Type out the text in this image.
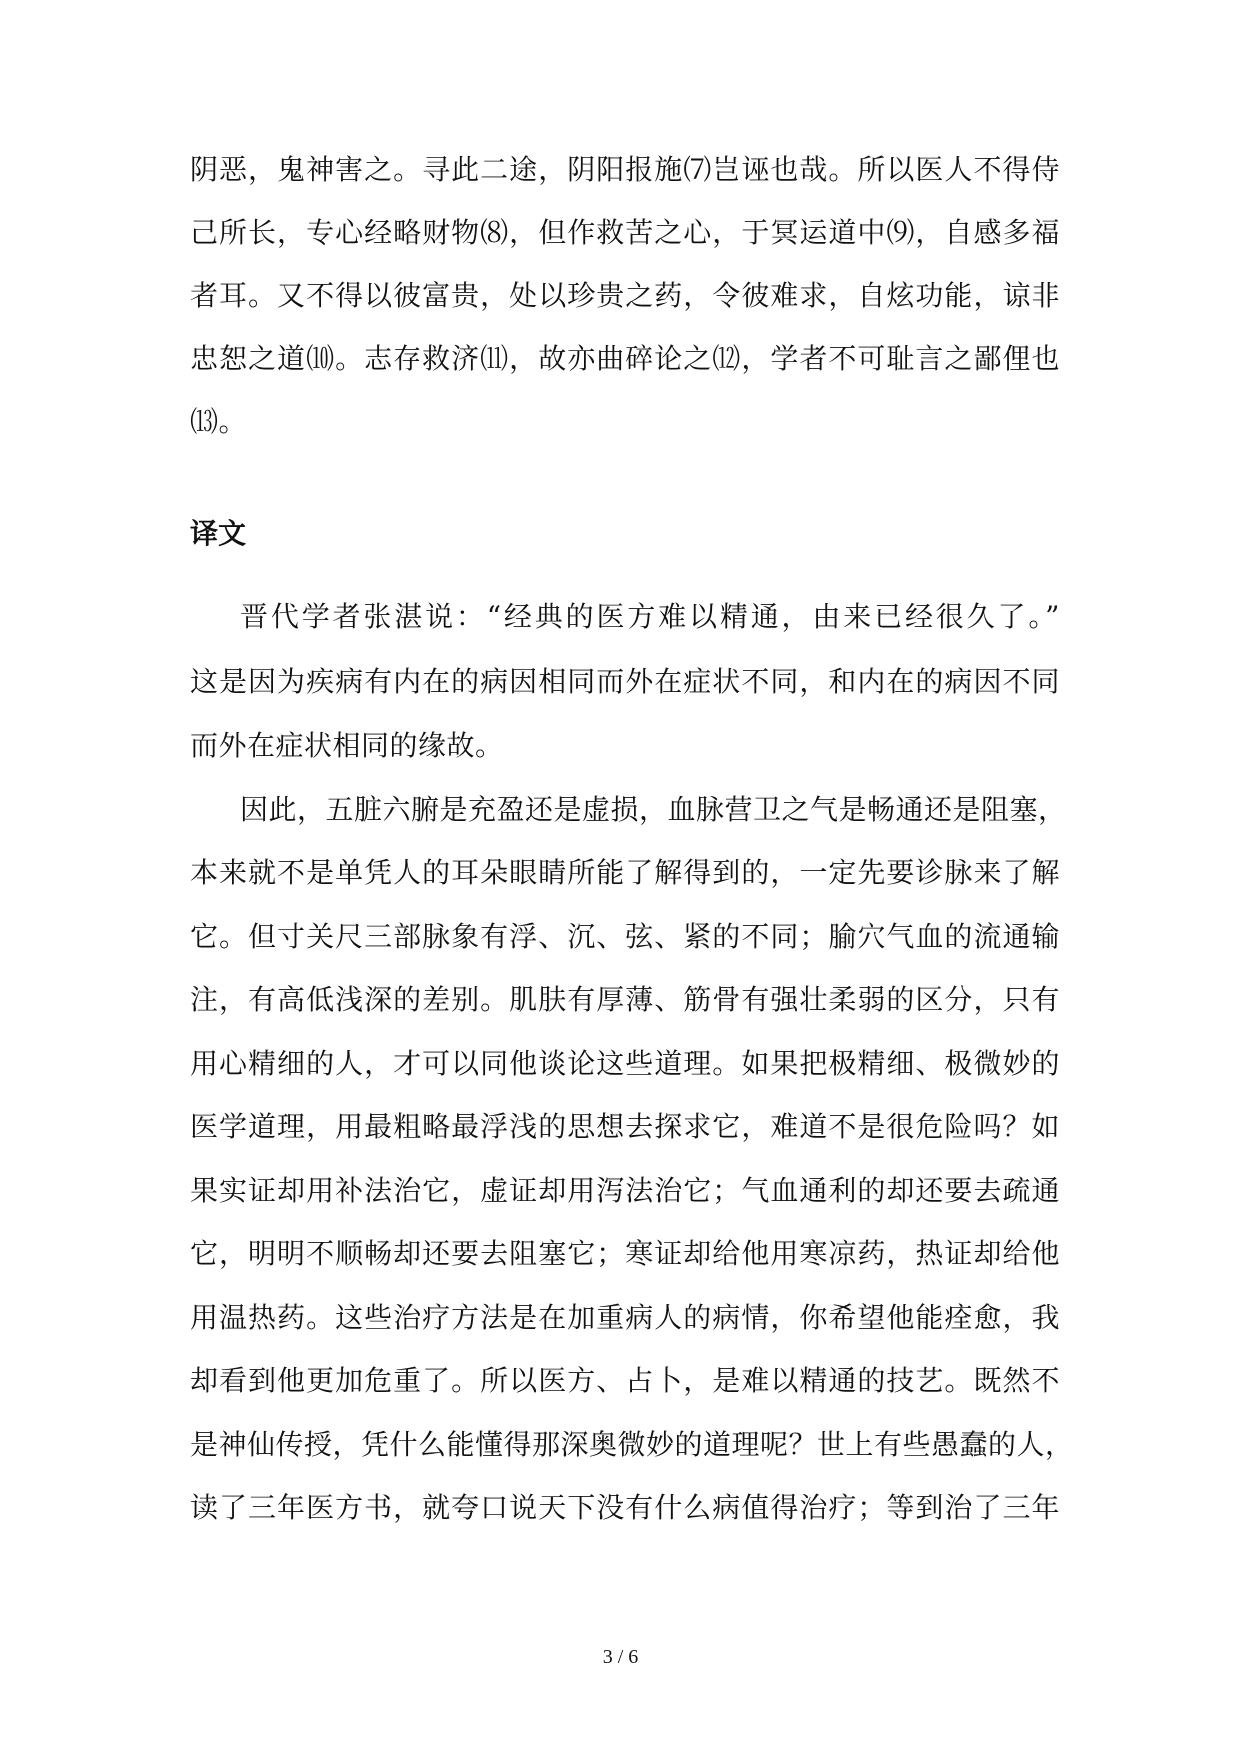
阴恶，鬼神害之。寻此二途，阴阳报施⑺岂诬也哉。所以医人不得侍
己所长，专心经略财物⑻，但作救苦之心，于冥运道中⑼，自感多福
者耳。又不得以彼富贵，处以珍贵之药，令彼难求，自炫功能，谅非
忠恕之道⑽。志存救济⑾，故亦曲碎论之⑿，学者不可耻言之鄙俚也
⒀。
译文
晋代学者张湛说：“经典的医方难以精通，由来已经很久了。”
这是因为疾病有内在的病因相同而外在症状不同，和内在的病因不同
而外在症状相同的缘故。
因此，五脏六腑是充盈还是虚损，血脉营卫之气是畅通还是阻塞，
本来就不是单凭人的耳朵眼睛所能了解得到的，一定先要诊脉来了解
它。但寸关尺三部脉象有浮、沉、弦、紧的不同；腧穴气血的流通输
注，有高低浅深的差别。肌肤有厚薄、筋骨有强壮柔弱的区分，只有
用心精细的人，才可以同他谈论这些道理。如果把极精细、极微妙的
医学道理，用最粗略最浮浅的思想去探求它，难道不是很危险吗？如
果实证却用补法治它，虚证却用泻法治它；气血通利的却还要去疏通
它，明明不顺畅却还要去阻塞它；寒证却给他用寒凉药，热证却给他
用温热药。这些治疗方法是在加重病人的病情，你希望他能痊愈，我
却看到他更加危重了。所以医方、占卜，是难以精通的技艺。既然不
是神仙传授，凭什么能懂得那深奥微妙的道理呢？世上有些愚蠢的人，
读了三年医方书，就夸口说天下没有什么病值得治疗；等到治了三年
3 / 6
